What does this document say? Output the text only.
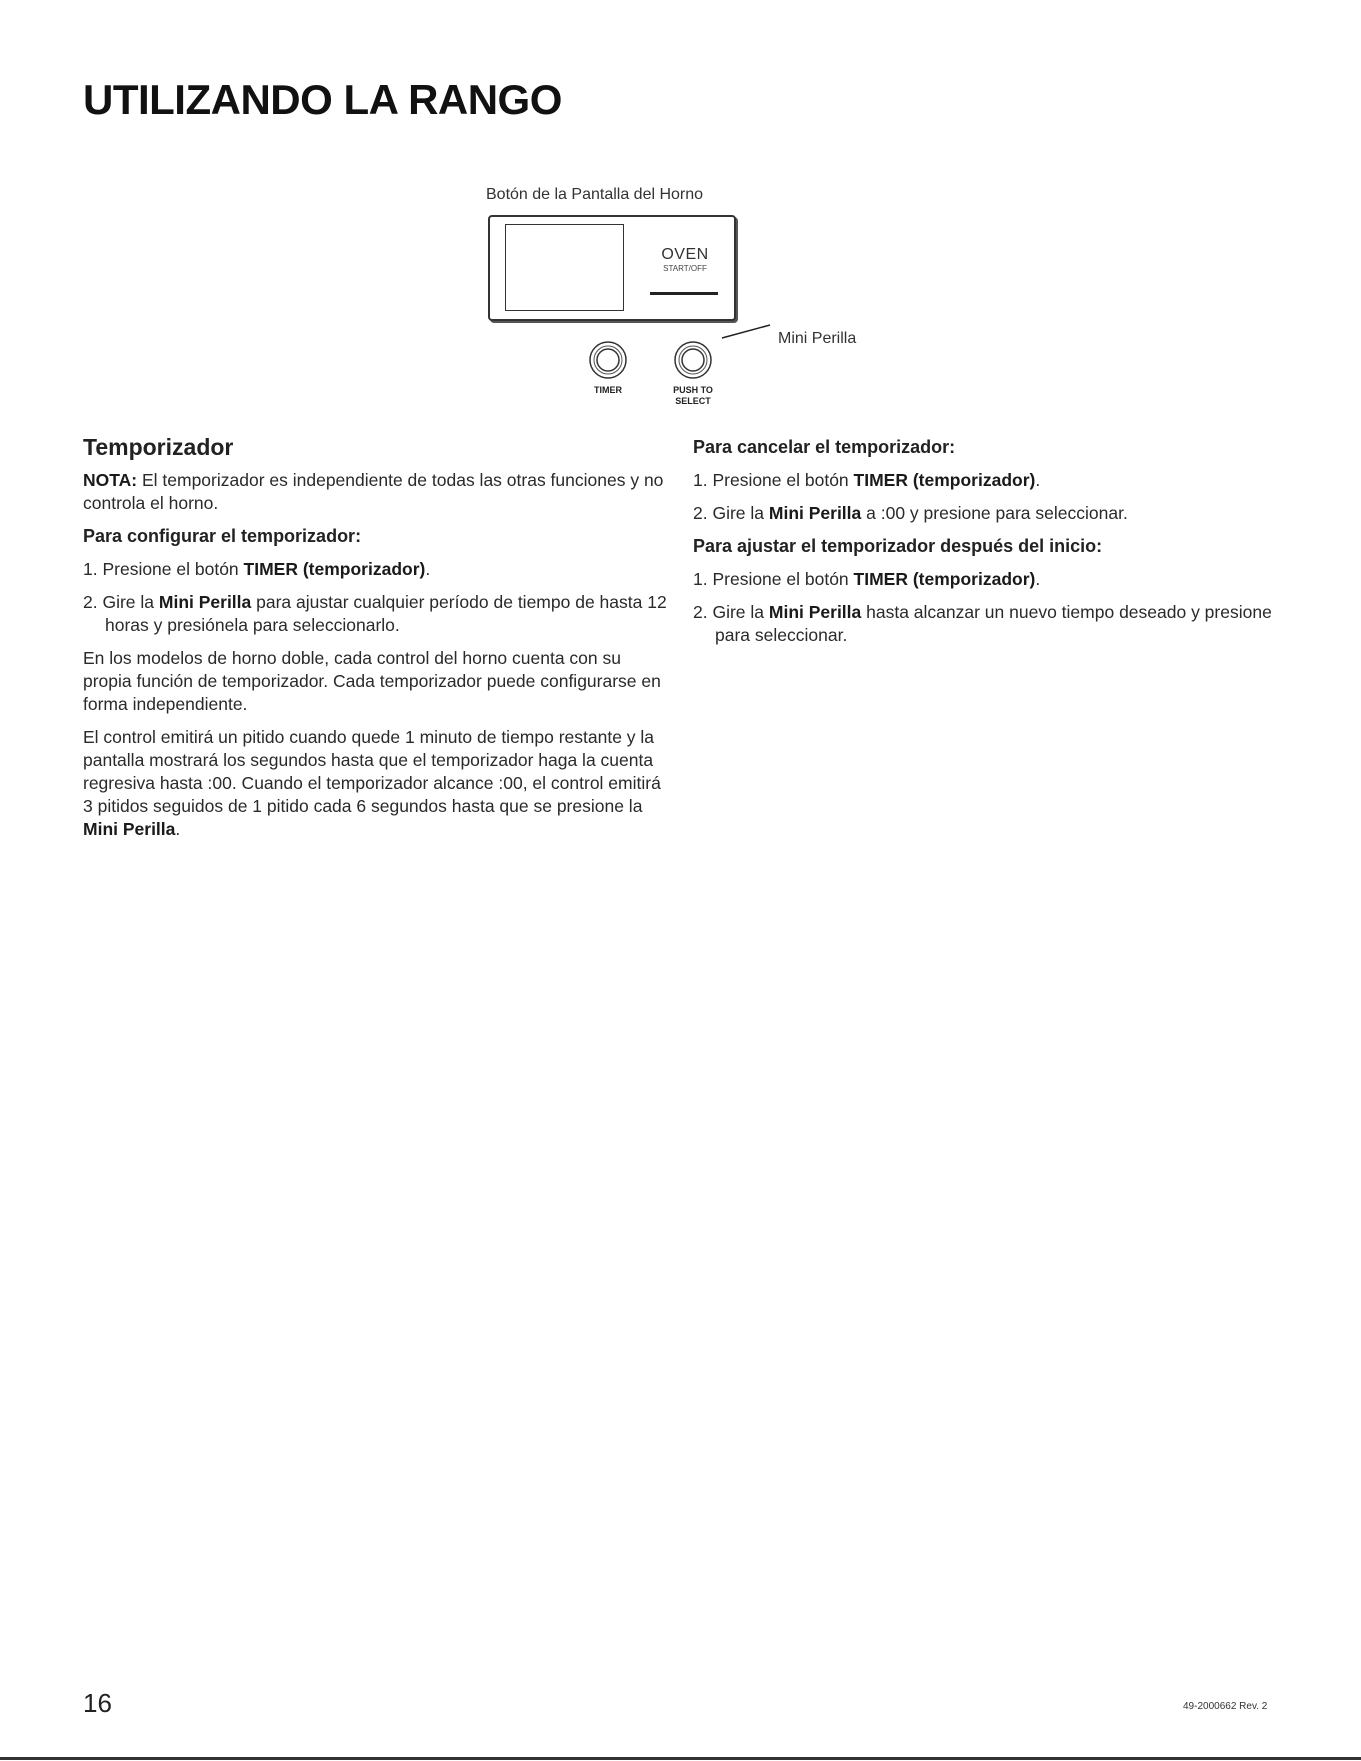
UTILIZANDO LA RANGO
Botón de la Pantalla del Horno
OVEN
START/OFF
TIMER	PUSH TO
SELECT
Mini Perilla
Temporizador

NOTA: El temporizador es independiente de todas las otras funciones y no controla el horno.

Para configurar el temporizador:
1. Presione el botón TIMER (temporizador).
2. Gire la Mini Perilla para ajustar cualquier período de tiempo de hasta 12 horas y presiónela para seleccionarlo.

En los modelos de horno doble, cada control del horno cuenta con su propia función de temporizador. Cada temporizador puede configurarse en forma independiente.

El control emitirá un pitido cuando quede 1 minuto de tiempo restante y la pantalla mostrará los segundos hasta que el temporizador haga la cuenta regresiva hasta :00. Cuando el temporizador alcance :00, el control emitirá 3 pitidos seguidos de 1 pitido cada 6 segundos hasta que se presione la Mini Perilla.

Para cancelar el temporizador:
1. Presione el botón TIMER (temporizador).
2. Gire la Mini Perilla a :00 y presione para seleccionar.
Para ajustar el temporizador después del inicio:
1. Presione el botón TIMER (temporizador).
2. Gire la Mini Perilla hasta alcanzar un nuevo tiempo deseado y presione para seleccionar.
16	49-2000662 Rev. 2
